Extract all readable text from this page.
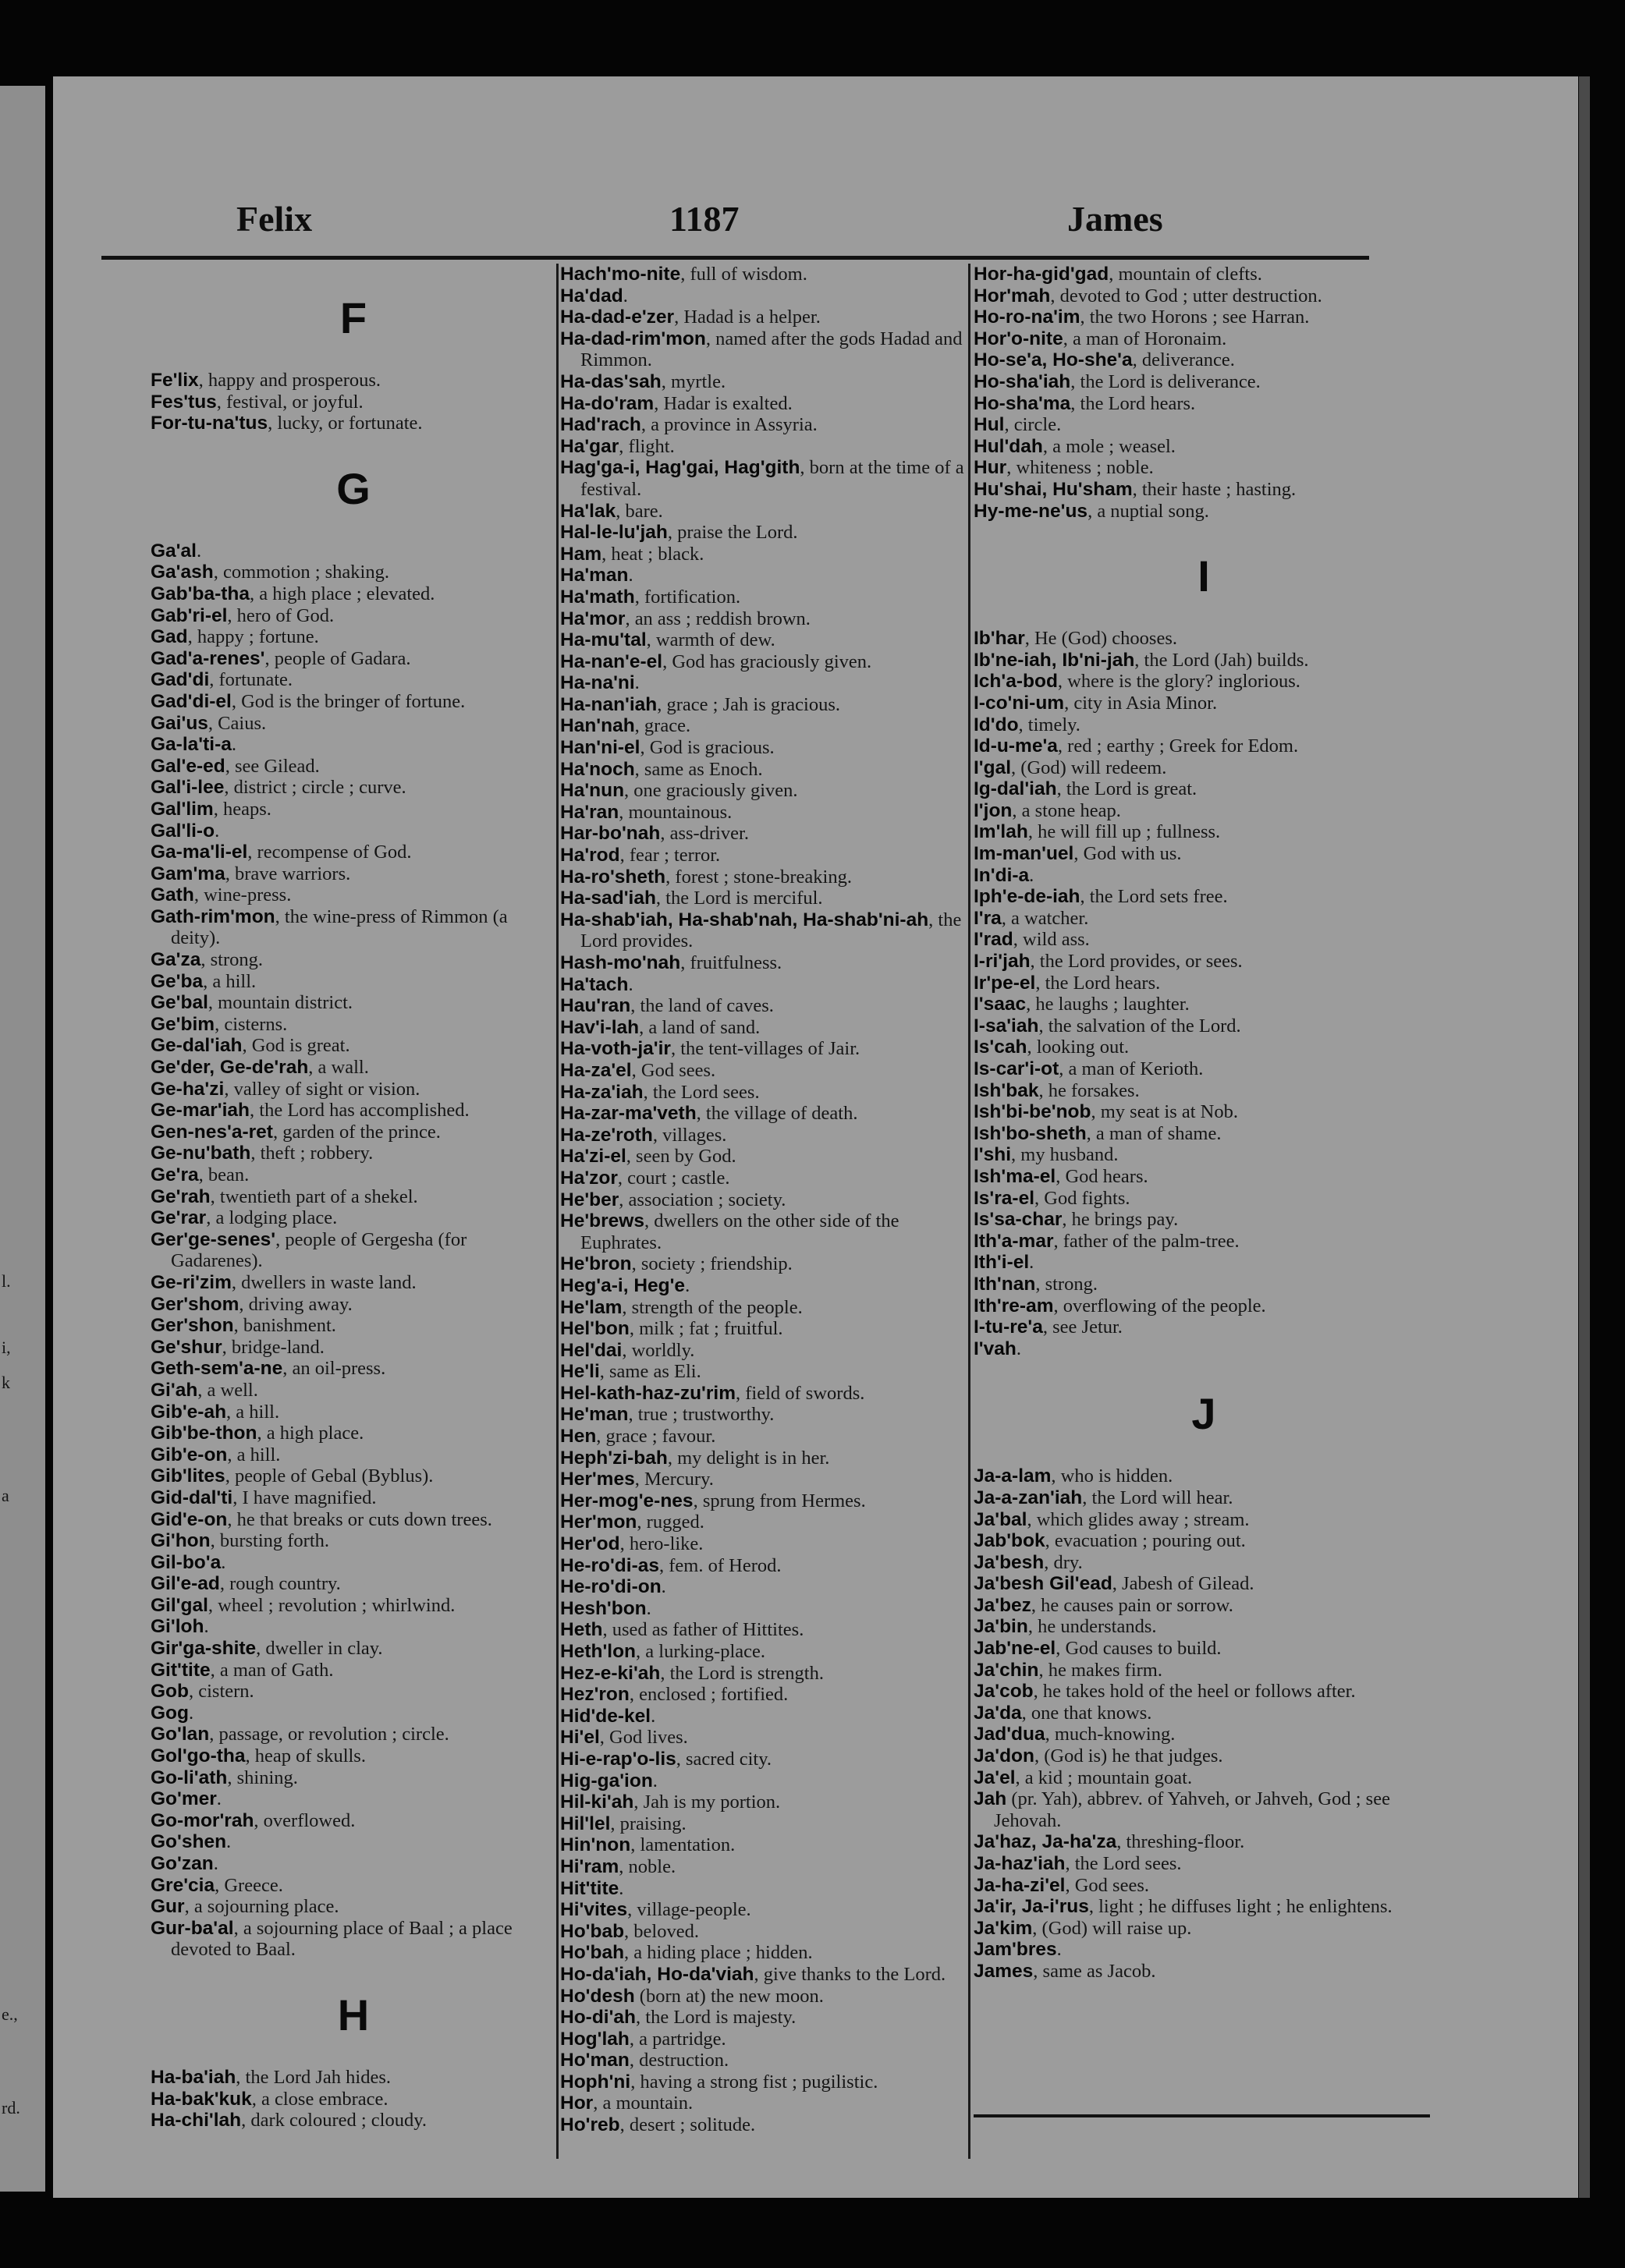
l.
i,
k
a
e.,
rd.
Felix	1187	James
F

Fe'lix, happy and prosperous.

Fes'tus, festival, or joyful.

For-tu-na'tus, lucky, or fortunate.

G

Ga'al.

Ga'ash, commotion ; shaking.

Gab'ba-tha, a high place ; elevated.

Gab'ri-el, hero of God.

Gad, happy ; fortune.

Gad'a-renes', people of Gadara.

Gad'di, fortunate.

Gad'di-el, God is the bringer of fortune.

Gai'us, Caius.

Ga-la'ti-a.

Gal'e-ed, see Gilead.

Gal'i-lee, district ; circle ; curve.

Gal'lim, heaps.

Gal'li-o.

Ga-ma'li-el, recompense of God.

Gam'ma, brave warriors.

Gath, wine-press.

Gath-rim'mon, the wine-press of Rimmon (a deity).

Ga'za, strong.

Ge'ba, a hill.

Ge'bal, mountain district.

Ge'bim, cisterns.

Ge-dal'iah, God is great.

Ge'der, Ge-de'rah, a wall.

Ge-ha'zi, valley of sight or vision.

Ge-mar'iah, the Lord has accomplished.

Gen-nes'a-ret, garden of the prince.

Ge-nu'bath, theft ; robbery.

Ge'ra, bean.

Ge'rah, twentieth part of a shekel.

Ge'rar, a lodging place.

Ger'ge-senes', people of Gergesha (for Gadarenes).

Ge-ri'zim, dwellers in waste land.

Ger'shom, driving away.

Ger'shon, banishment.

Ge'shur, bridge-land.

Geth-sem'a-ne, an oil-press.

Gi'ah, a well.

Gib'e-ah, a hill.

Gib'be-thon, a high place.

Gib'e-on, a hill.

Gib'lites, people of Gebal (Byblus).

Gid-dal'ti, I have magnified.

Gid'e-on, he that breaks or cuts down trees.

Gi'hon, bursting forth.

Gil-bo'a.

Gil'e-ad, rough country.

Gil'gal, wheel ; revolution ; whirlwind.

Gi'loh.

Gir'ga-shite, dweller in clay.

Git'tite, a man of Gath.

Gob, cistern.

Gog.

Go'lan, passage, or revolution ; circle.

Gol'go-tha, heap of skulls.

Go-li'ath, shining.

Go'mer.

Go-mor'rah, overflowed.

Go'shen.

Go'zan.

Gre'cia, Greece.

Gur, a sojourning place.

Gur-ba'al, a sojourning place of Baal ; a place devoted to Baal.

H

Ha-ba'iah, the Lord Jah hides.

Ha-bak'kuk, a close embrace.

Ha-chi'lah, dark coloured ; cloudy.

Hach'mo-nite, full of wisdom.

Ha'dad.

Ha-dad-e'zer, Hadad is a helper.

Ha-dad-rim'mon, named after the gods Hadad and Rimmon.

Ha-das'sah, myrtle.

Ha-do'ram, Hadar is exalted.

Had'rach, a province in Assyria.

Ha'gar, flight.

Hag'ga-i, Hag'gai, Hag'gith, born at the time of a festival.

Ha'lak, bare.

Hal-le-lu'jah, praise the Lord.

Ham, heat ; black.

Ha'man.

Ha'math, fortification.

Ha'mor, an ass ; reddish brown.

Ha-mu'tal, warmth of dew.

Ha-nan'e-el, God has graciously given.

Ha-na'ni.

Ha-nan'iah, grace ; Jah is gracious.

Han'nah, grace.

Han'ni-el, God is gracious.

Ha'noch, same as Enoch.

Ha'nun, one graciously given.

Ha'ran, mountainous.

Har-bo'nah, ass-driver.

Ha'rod, fear ; terror.

Ha-ro'sheth, forest ; stone-breaking.

Ha-sad'iah, the Lord is merciful.

Ha-shab'iah, Ha-shab'nah, Ha-shab'ni-ah, the Lord provides.

Hash-mo'nah, fruitfulness.

Ha'tach.

Hau'ran, the land of caves.

Hav'i-lah, a land of sand.

Ha-voth-ja'ir, the tent-villages of Jair.

Ha-za'el, God sees.

Ha-za'iah, the Lord sees.

Ha-zar-ma'veth, the village of death.

Ha-ze'roth, villages.

Ha'zi-el, seen by God.

Ha'zor, court ; castle.

He'ber, association ; society.

He'brews, dwellers on the other side of the Euphrates.

He'bron, society ; friendship.

Heg'a-i, Heg'e.

He'lam, strength of the people.

Hel'bon, milk ; fat ; fruitful.

Hel'dai, worldly.

He'li, same as Eli.

Hel-kath-haz-zu'rim, field of swords.

He'man, true ; trustworthy.

Hen, grace ; favour.

Heph'zi-bah, my delight is in her.

Her'mes, Mercury.

Her-mog'e-nes, sprung from Hermes.

Her'mon, rugged.

Her'od, hero-like.

He-ro'di-as, fem. of Herod.

He-ro'di-on.

Hesh'bon.

Heth, used as father of Hittites.

Heth'lon, a lurking-place.

Hez-e-ki'ah, the Lord is strength.

Hez'ron, enclosed ; fortified.

Hid'de-kel.

Hi'el, God lives.

Hi-e-rap'o-lis, sacred city.

Hig-ga'ion.

Hil-ki'ah, Jah is my portion.

Hil'lel, praising.

Hin'non, lamentation.

Hi'ram, noble.

Hit'tite.

Hi'vites, village-people.

Ho'bab, beloved.

Ho'bah, a hiding place ; hidden.

Ho-da'iah, Ho-da'viah, give thanks to the Lord.

Ho'desh (born at) the new moon.

Ho-di'ah, the Lord is majesty.

Hog'lah, a partridge.

Ho'man, destruction.

Hoph'ni, having a strong fist ; pugilistic.

Hor, a mountain.

Ho'reb, desert ; solitude.

Hor-ha-gid'gad, mountain of clefts.

Hor'mah, devoted to God ; utter destruction.

Ho-ro-na'im, the two Horons ; see Harran.

Hor'o-nite, a man of Horonaim.

Ho-se'a, Ho-she'a, deliverance.

Ho-sha'iah, the Lord is deliverance.

Ho-sha'ma, the Lord hears.

Hul, circle.

Hul'dah, a mole ; weasel.

Hur, whiteness ; noble.

Hu'shai, Hu'sham, their haste ; hasting.

Hy-me-ne'us, a nuptial song.

I

Ib'har, He (God) chooses.

Ib'ne-iah, Ib'ni-jah, the Lord (Jah) builds.

Ich'a-bod, where is the glory? inglorious.

I-co'ni-um, city in Asia Minor.

Id'do, timely.

Id-u-me'a, red ; earthy ; Greek for Edom.

I'gal, (God) will redeem.

Ig-dal'iah, the Lord is great.

I'jon, a stone heap.

Im'lah, he will fill up ; fullness.

Im-man'uel, God with us.

In'di-a.

Iph'e-de-iah, the Lord sets free.

I'ra, a watcher.

I'rad, wild ass.

I-ri'jah, the Lord provides, or sees.

Ir'pe-el, the Lord hears.

I'saac, he laughs ; laughter.

I-sa'iah, the salvation of the Lord.

Is'cah, looking out.

Is-car'i-ot, a man of Kerioth.

Ish'bak, he forsakes.

Ish'bi-be'nob, my seat is at Nob.

Ish'bo-sheth, a man of shame.

I'shi, my husband.

Ish'ma-el, God hears.

Is'ra-el, God fights.

Is'sa-char, he brings pay.

Ith'a-mar, father of the palm-tree.

Ith'i-el.

Ith'nan, strong.

Ith're-am, overflowing of the people.

I-tu-re'a, see Jetur.

I'vah.

J

Ja-a-lam, who is hidden.

Ja-a-zan'iah, the Lord will hear.

Ja'bal, which glides away ; stream.

Jab'bok, evacuation ; pouring out.

Ja'besh, dry.

Ja'besh Gil'ead, Jabesh of Gilead.

Ja'bez, he causes pain or sorrow.

Ja'bin, he understands.

Jab'ne-el, God causes to build.

Ja'chin, he makes firm.

Ja'cob, he takes hold of the heel or follows after.

Ja'da, one that knows.

Jad'dua, much-knowing.

Ja'don, (God is) he that judges.

Ja'el, a kid ; mountain goat.

Jah (pr. Yah), abbrev. of Yahveh, or Jahveh, God ; see Jehovah.

Ja'haz, Ja-ha'za, threshing-floor.

Ja-haz'iah, the Lord sees.

Ja-ha-zi'el, God sees.

Ja'ir, Ja-i'rus, light ; he diffuses light ; he enlightens.

Ja'kim, (God) will raise up.

Jam'bres.

James, same as Jacob.
